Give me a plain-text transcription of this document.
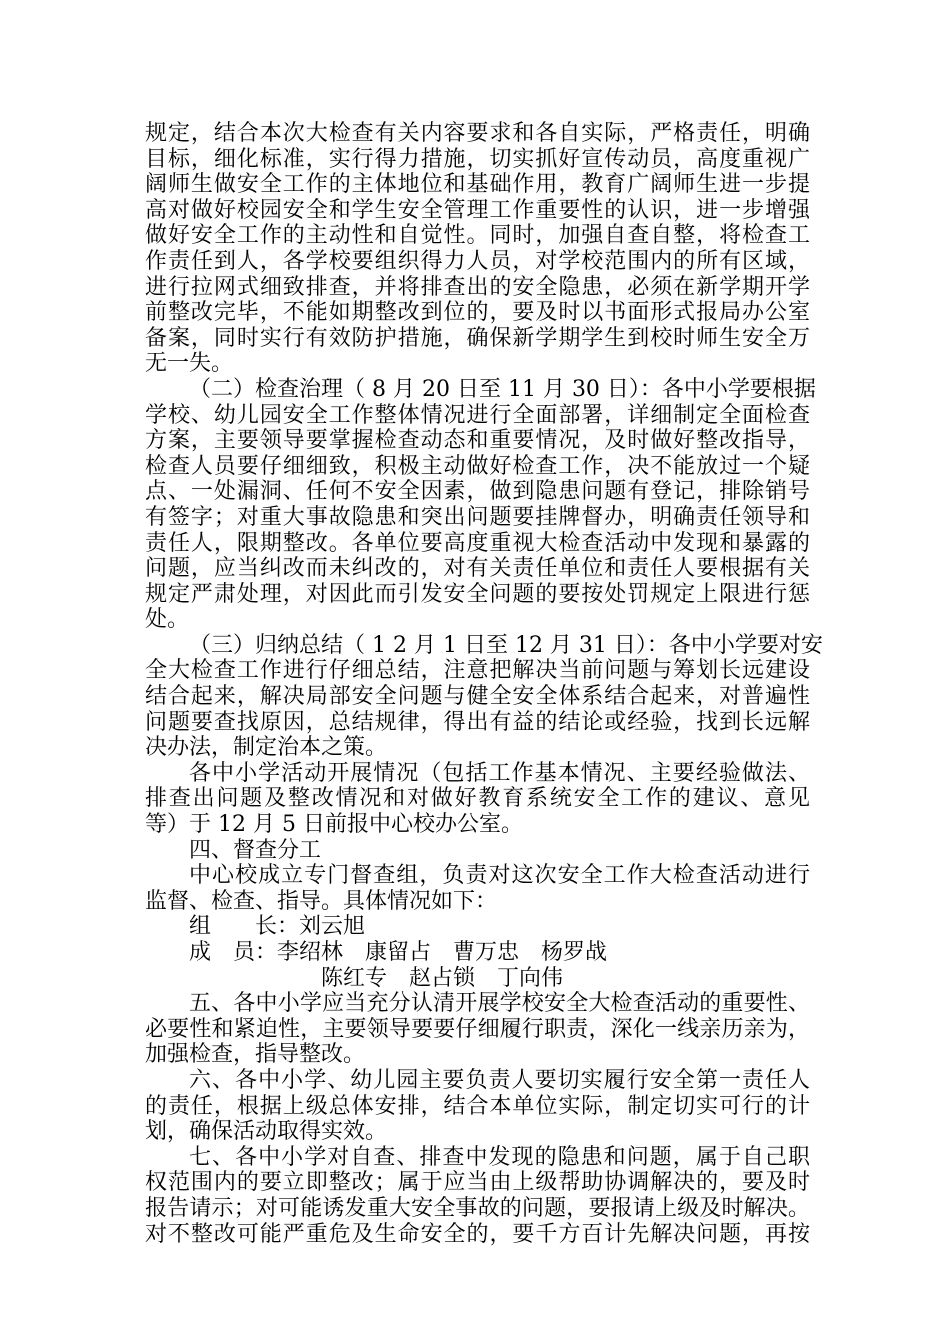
规定，结合本次大检查有关内容要求和各自实际，严格责任，明确
目标，细化标准，实行得力措施，切实抓好宣传动员，高度重视广
阔师生做安全工作的主体地位和基础作用，教育广阔师生进一步提
高对做好校园安全和学生安全管理工作重要性的认识，进一步增强
做好安全工作的主动性和自觉性。同时，加强自查自整，将检查工
作责任到人，各学校要组织得力人员，对学校范围内的所有区域，
进行拉网式细致排查，并将排查出的安全隐患，必须在新学期开学
前整改完毕，不能如期整改到位的，要及时以书面形式报局办公室
备案，同时实行有效防护措施，确保新学期学生到校时师生安全万
无一失。
（二）检查治理（ 8 月 20 日至 11 月 30 日）：各中小学要根据
学校、幼儿园安全工作整体情况进行全面部署，详细制定全面检查
方案，主要领导要掌握检查动态和重要情况，及时做好整改指导，
检查人员要仔细细致，积极主动做好检查工作，决不能放过一个疑
点、一处漏洞、任何不安全因素，做到隐患问题有登记，排除销号
有签字；对重大事故隐患和突出问题要挂牌督办，明确责任领导和
责任人，限期整改。各单位要高度重视大检查活动中发现和暴露的
问题，应当纠改而未纠改的，对有关责任单位和责任人要根据有关
规定严肃处理，对因此而引发安全问题的要按处罚规定上限进行惩
处。
（三）归纳总结（ 1 2 月 1 日至 12 月 31 日）：各中小学要对安
全大检查工作进行仔细总结，注意把解决当前问题与筹划长远建设
结合起来，解决局部安全问题与健全安全体系结合起来，对普遍性
问题要查找原因，总结规律，得出有益的结论或经验，找到长远解
决办法，制定治本之策。
各中小学活动开展情况（包括工作基本情况、主要经验做法、
排查出问题及整改情况和对做好教育系统安全工作的建议、意见
等）于 12 月 5 日前报中心校办公室。
四、督查分工
中心校成立专门督查组，负责对这次安全工作大检查活动进行
监督、检查、指导。具体情况如下：
组　　长：刘云旭
成　员：李绍林　康留占　曹万忠　杨罗战
陈红专　赵占锁　丁向伟
五、各中小学应当充分认清开展学校安全大检查活动的重要性、
必要性和紧迫性，主要领导要要仔细履行职责，深化一线亲历亲为，
加强检查，指导整改。
六、各中小学、幼儿园主要负责人要切实履行安全第一责任人
的责任，根据上级总体安排，结合本单位实际，制定切实可行的计
划，确保活动取得实效。
七、各中小学对自查、排查中发现的隐患和问题，属于自己职
权范围内的要立即整改；属于应当由上级帮助协调解决的，要及时
报告请示；对可能诱发重大安全事故的问题，要报请上级及时解决。
对不整改可能严重危及生命安全的，要千方百计先解决问题，再按
